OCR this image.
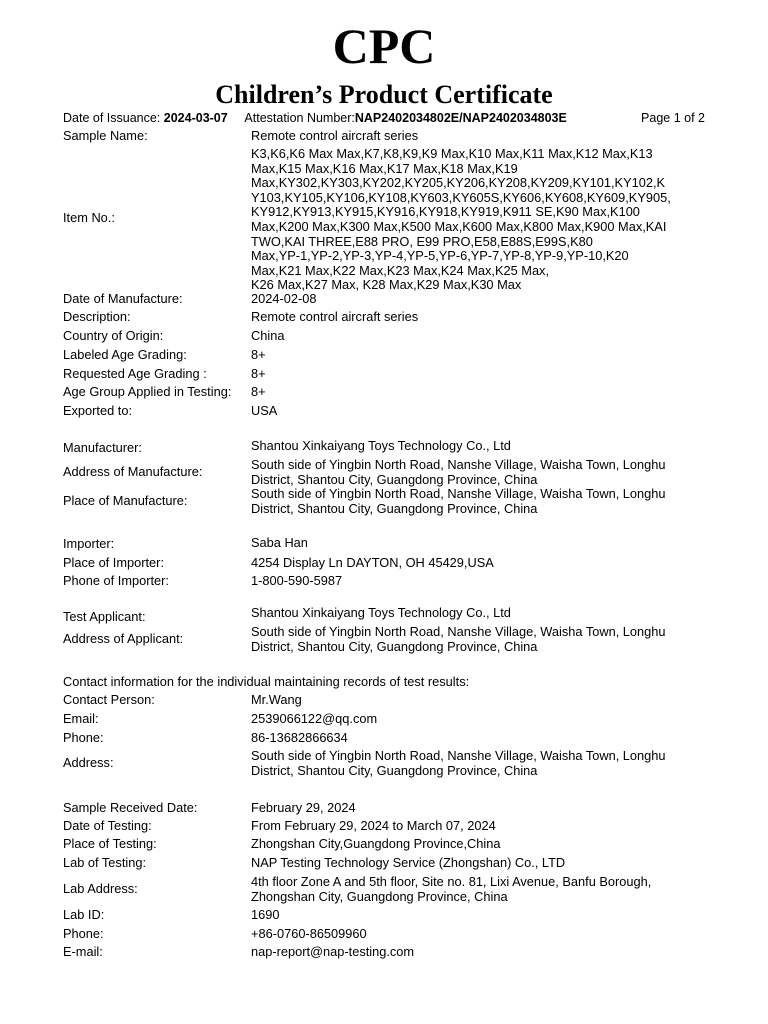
CPC
Children’s Product Certificate
Date of Issuance: 2024-03-07 Attestation Number:NAP2402034802E/NAP2402034803E	Page 1 of 2
Sample Name:	Remote control aircraft series
Item No.:
K3,K6,K6 Max Max,K7,K8,K9,K9 Max,K10 Max,K11 Max,K12 Max,K13
Max,K15 Max,K16 Max,K17 Max,K18 Max,K19
Max,KY302,KY303,KY202,KY205,KY206,KY208,KY209,KY101,KY102,K
Y103,KY105,KY106,KY108,KY603,KY605S,KY606,KY608,KY609,KY905,
KY912,KY913,KY915,KY916,KY918,KY919,K911 SE,K90 Max,K100
Max,K200 Max,K300 Max,K500 Max,K600 Max,K800 Max,K900 Max,KAI
TWO,KAI THREE,E88 PRO, E99 PRO,E58,E88S,E99S,K80
Max,YP-1,YP-2,YP-3,YP-4,YP-5,YP-6,YP-7,YP-8,YP-9,YP-10,K20
Max,K21 Max,K22 Max,K23 Max,K24 Max,K25 Max,
K26 Max,K27 Max, K28 Max,K29 Max,K30 Max
Date of Manufacture:	2024-02-08
Description:	Remote control aircraft series
Country of Origin:	China
Labeled Age Grading:	8+
Requested Age Grading :	8+
Age Group Applied in Testing: 8+
Exported to:	USA
Manufacturer:	Shantou Xinkaiyang Toys Technology Co., Ltd
Address of Manufacture:	South side of Yingbin North Road, Nanshe Village, Waisha Town, Longhu
District, Shantou City, Guangdong Province, China
Place of Manufacture:	South side of Yingbin North Road, Nanshe Village, Waisha Town, Longhu
District, Shantou City, Guangdong Province, China
Importer:	Saba Han
Place of Importer:	4254 Display Ln DAYTON, OH 45429,USA
Phone of Importer:	1-800-590-5987
Test Applicant:	Shantou Xinkaiyang Toys Technology Co., Ltd
Address of Applicant:	South side of Yingbin North Road, Nanshe Village, Waisha Town, Longhu
District, Shantou City, Guangdong Province, China
Contact information for the individual maintaining records of test results:
Contact Person:	Mr.Wang
Email:	2539066122@qq.com
Phone:	86-13682866634
Address:	South side of Yingbin North Road, Nanshe Village, Waisha Town, Longhu
District, Shantou City, Guangdong Province, China
Sample Received Date:	February 29, 2024
Date of Testing:	From February 29, 2024 to March 07, 2024
Place of Testing:	Zhongshan City,Guangdong Province,China
Lab of Testing:	NAP Testing Technology Service (Zhongshan) Co., LTD
Lab Address:	4th floor Zone A and 5th floor, Site no. 81, Lixi Avenue, Banfu Borough,
Zhongshan City, Guangdong Province, China
Lab ID:	1690
Phone:	+86-0760-86509960
E-mail:	nap-report@nap-testing.com
